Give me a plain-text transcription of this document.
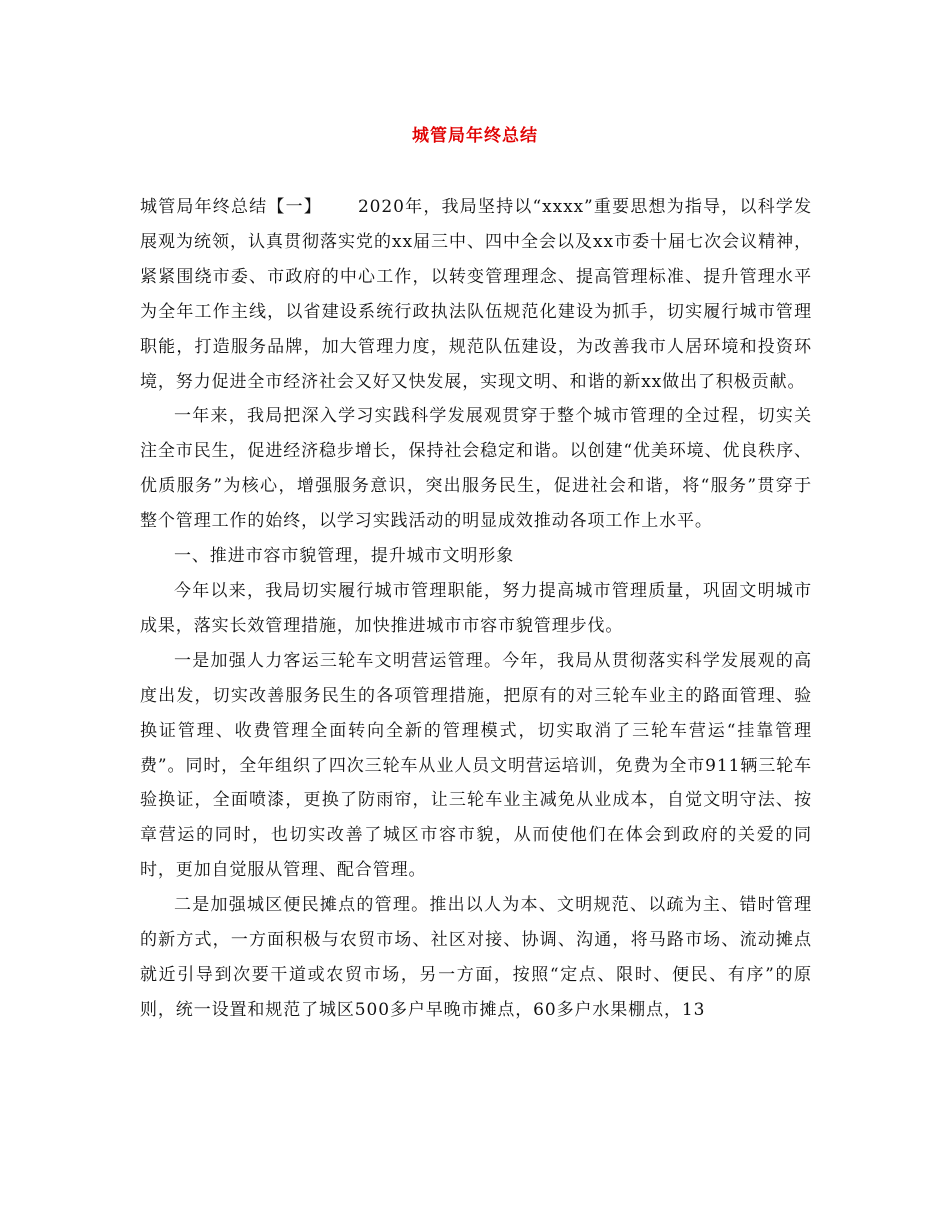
城管局年终总结

城管局年终总结【一】 2020年，我局坚持以“xxxx”重要思想为指导，以科学发展观为统领，认真贯彻落实党的xx届三中、四中全会以及xx市委十届七次会议精神，紧紧围绕市委、市政府的中心工作，以转变管理理念、提高管理标准、提升管理水平为全年工作主线，以省建设系统行政执法队伍规范化建设为抓手，切实履行城市管理职能，打造服务品牌，加大管理力度，规范队伍建设，为改善我市人居环境和投资环境，努力促进全市经济社会又好又快发展，实现文明、和谐的新xx做出了积极贡献。

一年来，我局把深入学习实践科学发展观贯穿于整个城市管理的全过程，切实关注全市民生，促进经济稳步增长，保持社会稳定和谐。以创建“优美环境、优良秩序、优质服务”为核心，增强服务意识，突出服务民生，促进社会和谐，将“服务”贯穿于整个管理工作的始终，以学习实践活动的明显成效推动各项工作上水平。

一、推进市容市貌管理，提升城市文明形象

今年以来，我局切实履行城市管理职能，努力提高城市管理质量，巩固文明城市成果，落实长效管理措施，加快推进城市市容市貌管理步伐。

一是加强人力客运三轮车文明营运管理。今年，我局从贯彻落实科学发展观的高度出发，切实改善服务民生的各项管理措施，把原有的对三轮车业主的路面管理、验换证管理、收费管理全面转向全新的管理模式，切实取消了三轮车营运“挂靠管理费”。同时，全年组织了四次三轮车从业人员文明营运培训，免费为全市911辆三轮车验换证，全面喷漆，更换了防雨帘，让三轮车业主减免从业成本，自觉文明守法、按章营运的同时，也切实改善了城区市容市貌，从而使他们在体会到政府的关爱的同时，更加自觉服从管理、配合管理。

二是加强城区便民摊点的管理。推出以人为本、文明规范、以疏为主、错时管理的新方式，一方面积极与农贸市场、社区对接、协调、沟通，将马路市场、流动摊点就近引导到次要干道或农贸市场，另一方面，按照“定点、限时、便民、有序”的原则，统一设置和规范了城区500多户早晚市摊点，60多户水果棚点，13
